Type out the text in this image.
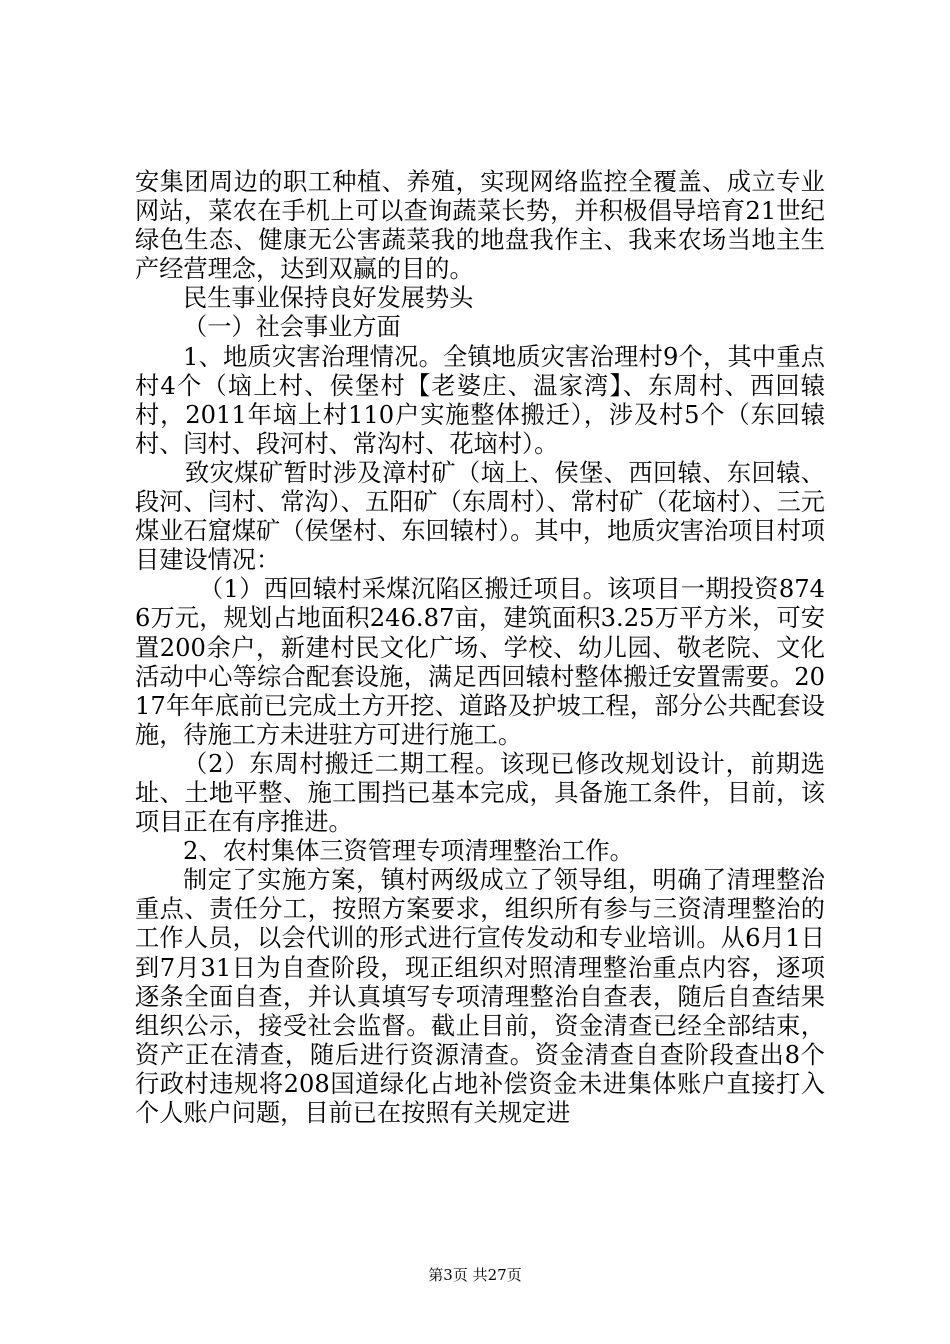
安集团周边的职工种植、养殖，实现网络监控全覆盖、成立专业网站，菜农在手机上可以查询蔬菜长势，并积极倡导培育21世纪绿色生态、健康无公害蔬菜我的地盘我作主、我来农场当地主生产经营理念，达到双赢的目的。

民生事业保持良好发展势头

（一）社会事业方面

1、地质灾害治理情况。全镇地质灾害治理村9个，其中重点村4个（垴上村、侯堡村【老婆庄、温家湾】、东周村、西回辕村，2011年垴上村110户实施整体搬迁），涉及村5个（东回辕村、闫村、段河村、常沟村、花垴村）。

致灾煤矿暂时涉及漳村矿（垴上、侯堡、西回辕、东回辕、段河、闫村、常沟）、五阳矿（东周村）、常村矿（花垴村）、三元煤业石窟煤矿（侯堡村、东回辕村）。其中，地质灾害治项目村项目建设情况：

（1）西回辕村采煤沉陷区搬迁项目。该项目一期投资8746万元，规划占地面积246.87亩，建筑面积3.25万平方米，可安置200余户，新建村民文化广场、学校、幼儿园、敬老院、文化活动中心等综合配套设施，满足西回辕村整体搬迁安置需要。2017年年底前已完成土方开挖、道路及护坡工程，部分公共配套设施，待施工方未进驻方可进行施工。

（2）东周村搬迁二期工程。该现已修改规划设计，前期选址、土地平整、施工围挡已基本完成，具备施工条件，目前，该项目正在有序推进。

2、农村集体三资管理专项清理整治工作。

制定了实施方案，镇村两级成立了领导组，明确了清理整治重点、责任分工，按照方案要求，组织所有参与三资清理整治的工作人员，以会代训的形式进行宣传发动和专业培训。从6月1日到7月31日为自查阶段，现正组织对照清理整治重点内容，逐项逐条全面自查，并认真填写专项清理整治自查表，随后自查结果组织公示，接受社会监督。截止目前，资金清查已经全部结束，资产正在清查，随后进行资源清查。资金清查自查阶段查出8个行政村违规将208国道绿化占地补偿资金未进集体账户直接打入个人账户问题，目前已在按照有关规定进

第3页 共27页
